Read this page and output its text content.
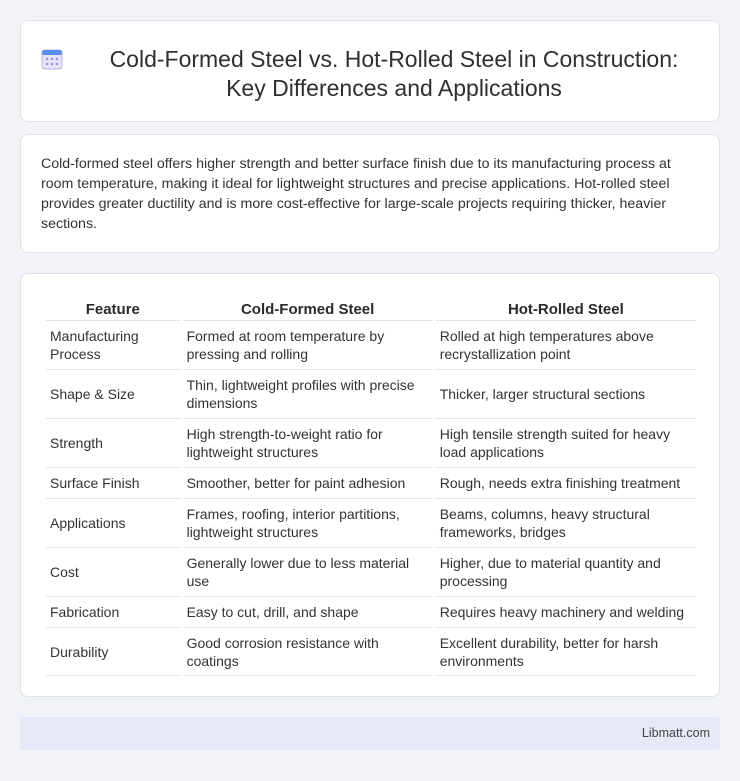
Cold-Formed Steel vs. Hot-Rolled Steel in Construction: Key Differences and Applications

Cold-formed steel offers higher strength and better surface finish due to its manufacturing process at room temperature, making it ideal for lightweight structures and precise applications. Hot-rolled steel provides greater ductility and is more cost-effective for large-scale projects requiring thicker, heavier sections.

Feature	Cold-Formed Steel	Hot-Rolled Steel
Manufacturing Process	Formed at room temperature by pressing and rolling	Rolled at high temperatures above recrystallization point
Shape & Size	Thin, lightweight profiles with precise dimensions	Thicker, larger structural sections
Strength	High strength-to-weight ratio for lightweight structures	High tensile strength suited for heavy load applications
Surface Finish	Smoother, better for paint adhesion	Rough, needs extra finishing treatment
Applications	Frames, roofing, interior partitions, lightweight structures	Beams, columns, heavy structural frameworks, bridges
Cost	Generally lower due to less material use	Higher, due to material quantity and processing
Fabrication	Easy to cut, drill, and shape	Requires heavy machinery and welding
Durability	Good corrosion resistance with coatings	Excellent durability, better for harsh environments
Libmatt.com
